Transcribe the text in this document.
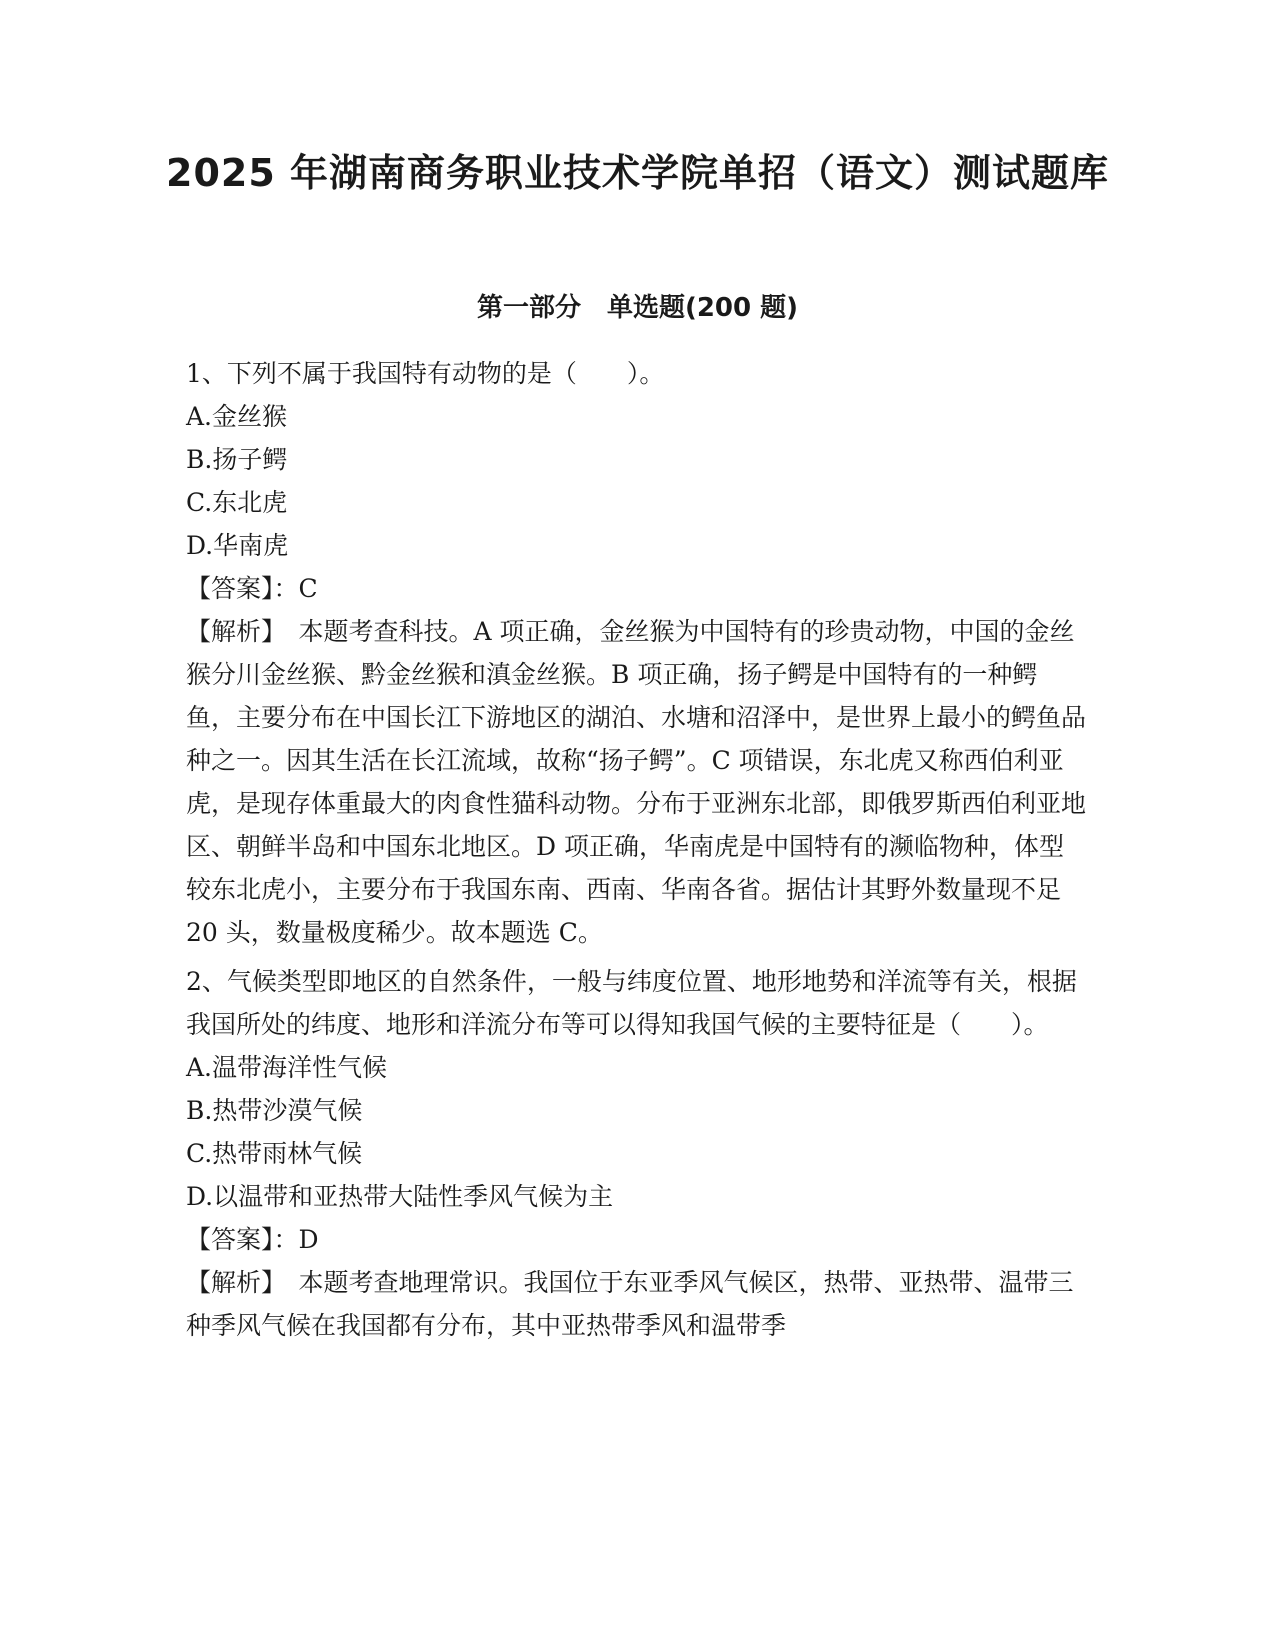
2025 年湖南商务职业技术学院单招（语文）测试题库
第一部分　单选题(200 题)

1、下列不属于我国特有动物的是（　　）。

A.金丝猴

B.扬子鳄

C.东北虎

D.华南虎

【答案】：C

【解析】　本题考查科技。A 项正确，金丝猴为中国特有的珍贵动物，中国的金丝猴分川金丝猴、黔金丝猴和滇金丝猴。B 项正确，扬子鳄是中国特有的一种鳄鱼，主要分布在中国长江下游地区的湖泊、水塘和沼泽中，是世界上最小的鳄鱼品种之一。因其生活在长江流域，故称“扬子鳄”。C 项错误，东北虎又称西伯利亚虎，是现存体重最大的肉食性猫科动物。分布于亚洲东北部，即俄罗斯西伯利亚地区、朝鲜半岛和中国东北地区。D 项正确，华南虎是中国特有的濒临物种，体型较东北虎小，主要分布于我国东南、西南、华南各省。据估计其野外数量现不足 20 头，数量极度稀少。故本题选 C。

2、气候类型即地区的自然条件，一般与纬度位置、地形地势和洋流等有关，根据我国所处的纬度、地形和洋流分布等可以得知我国气候的主要特征是（　　）。

A.温带海洋性气候

B.热带沙漠气候

C.热带雨林气候

D.以温带和亚热带大陆性季风气候为主

【答案】：D

【解析】　本题考查地理常识。我国位于东亚季风气候区，热带、亚热带、温带三种季风气候在我国都有分布，其中亚热带季风和温带季
